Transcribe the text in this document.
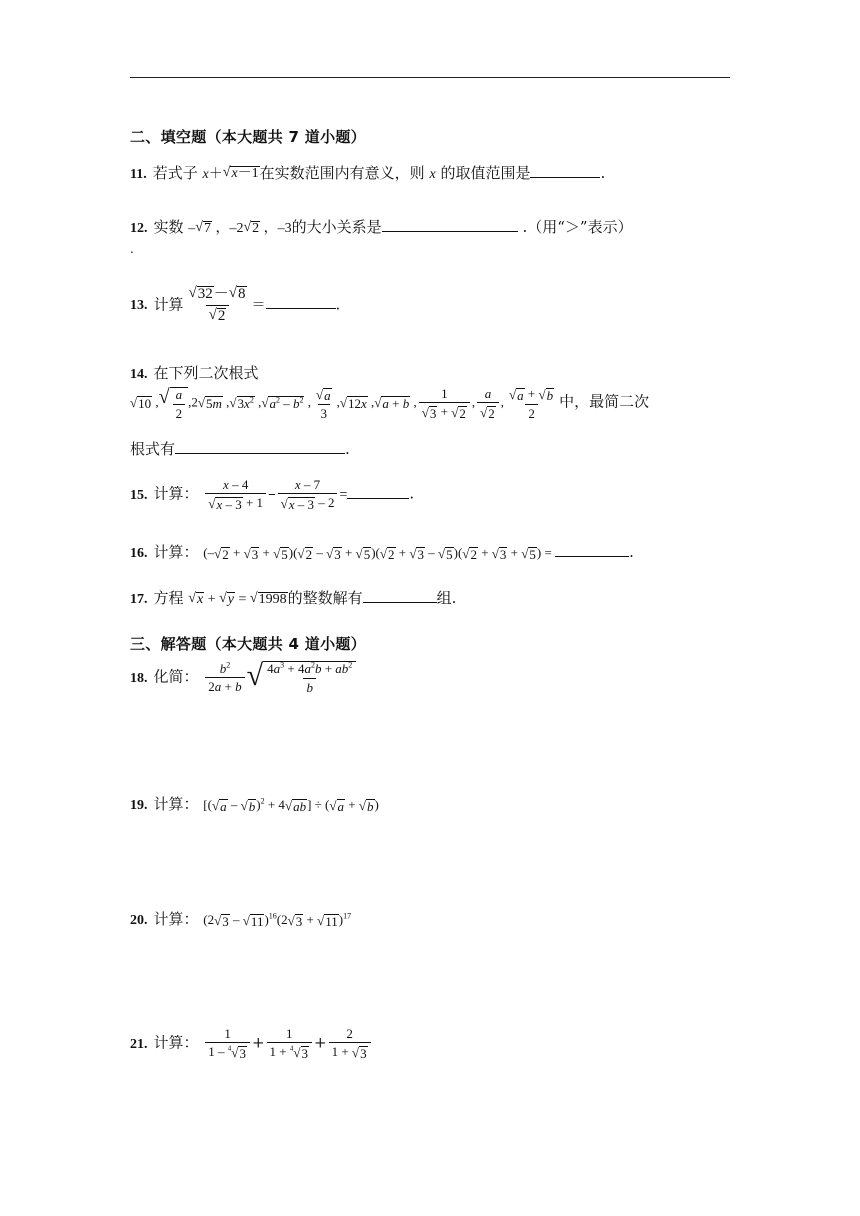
二、填空题（本大题共 7 道小题）
11. 若式子 x＋ √ x－1 在实数范围内有意义，则 x 的取值范围是	.
12. 实数 – √ 7 ，–2 √ 2 ，–3的大小关系是	.（用“＞”表示）
.
13. 计算 $\frac{√ 32 - √ 8}{√ 2}$ ＝	.
14. 在下列二次根式
√ 10 , √ $\frac{a}{2} ,2$ √ 5m , √ $3x^2$ , √ $a^2 - b^2$ , $\frac{√ a}{3}$ , √ 12x , √ a + b , $\frac{1}{√ 3 + √ 2}$ , $\frac{a}{√ 2}$ , $\frac{√ a + √ b}{2}$ 中，最简二次
根式有	.
15. 计算： $\frac{x - 4}{√ x - 3 + 1} - \frac{x - 7}{√ x - 3 - 2}$ =	.
16. 计算： (– √ 2 + √ 3 + √ 5 )( √ 2 – √ 3 + √ 5 )( √ 2 + √ 3 – √ 5 )( √ 2 + √ 3 + √ 5 ) =	.
17. 方程 √ x + √ y = √ 1998 的整数解有	组.
三、解答题（本大题共 4 道小题）
18. 化简： $\frac{b^2}{2a + b}$ √ $\frac{4a^3 + 4a^2b + ab^2}{b}$
19. 计算： [( √ a – √ b )$^2$ + 4 √ ab ] ÷ ( √ a + √ b )
20. 计算： (2 √ 3 – √ 11 )$^{16}$(2 √ 3 + √ 11 )$^{17}$
21. 计算： $\frac{1}{1 - ^4 √ 3} + \frac{1}{1 + ^4 √ 3} + \frac{2}{1 + √ 3}$
